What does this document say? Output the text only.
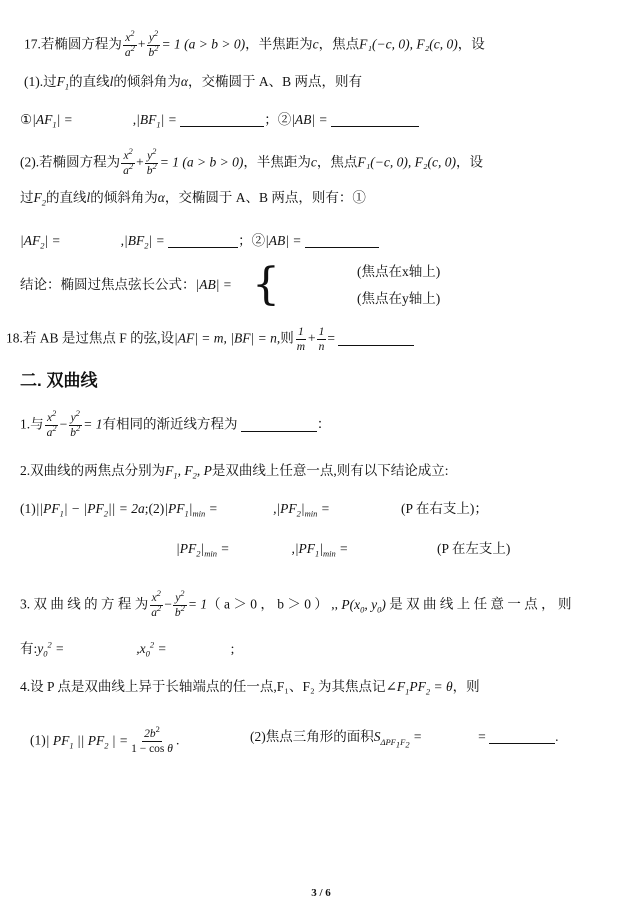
17.若椭圆方程为 $\frac{x^2}{a^2} + \frac{y^2}{b^2} = 1$ (a > b > 0)，半焦距为c，焦点F₁(−c, 0), F₂(c, 0)，设
(1).过$F_1$的直线l的倾斜角为α，交椭圆于 A、B 两点，则有
$①|AF_1|$ =	$,|BF_1|$ =	；②|AB| =
(2).若椭圆方程为 $\frac{x^2}{a^2} + \frac{y^2}{b^2} = 1$ (a > b > 0)，半焦距为c，焦点F₁(−c, 0), F₂(c, 0)，设
过$F_2$的直线l的倾斜角为α，交椭圆于 A、B 两点，则有：①
$|AF_2|$ =	$,|BF_2|$ =	；②|AB| =
结论：椭圆过焦点弦长公式：|AB| = {	(焦点在x轴上)
(焦点在y轴上)
18.若 AB 是过焦点 F 的弦,设|AF| = m, |BF| = n,则 $\frac{1}{m} + \frac{1}{n}$ =
二. 双曲线
1.与 $\frac{x^2}{a^2} - \frac{y^2}{b^2} = 1$有相同的渐近线方程为	：
2.双曲线的两焦点分别为$F_1$, $F_2$, P是双曲线上任意一点,则有以下结论成立:
$(1)||PF_1| - |PF_2||$ = $2a;(2)|PF_1|_{min}$ =	$,|PF_2|_{min}$ =	(P 在右支上)；
$|PF_2|_{min}$ =	$,|PF_1|_{min}$ =	(P 在左支上)
3. 双 曲 线 的 方 程 为 $\frac{x^2}{a^2} - \frac{y^2}{b^2} = 1$（ a ＞ 0 ， b ＞ 0 ） ,, $P(x_0$, $y_0$) 是 双 曲 线 上 任 意 一 点 ， 则
有$:y_0^2$ =	$,x_0^2$ =	;
4.设 P 点是双曲线上异于长轴端点的任一点,F₁、F₂ 为其焦点记$\angle F_1PF_2 = \theta$，则
(1)| $PF_1$ || $PF_2$ | = $\frac{2b^2}{\text{1 − cos θ}}$ .	(2)焦点三角形的面积$S_{\Delta PF_1F_2}$ =	=	.
3 / 6
